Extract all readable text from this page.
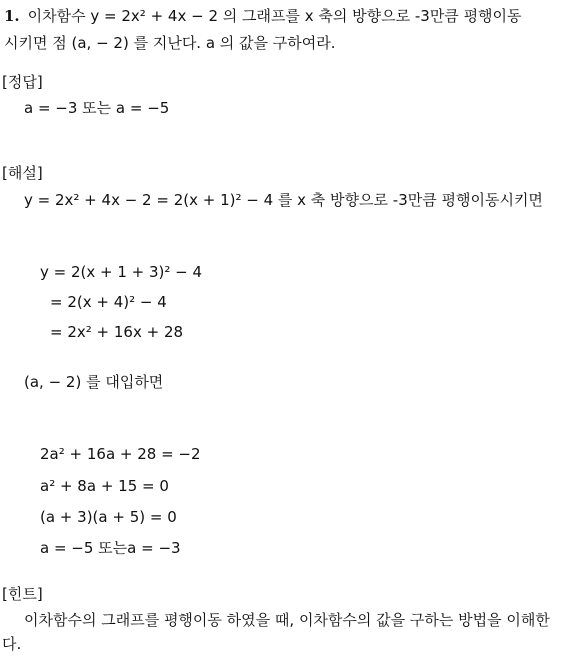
1. 이차함수 y = 2x² + 4x − 2 의 그래프를 x 축의 방향으로 -3만큼 평행이동
시키면 점 (a, − 2) 를 지난다. a 의 값을 구하여라.
[정답]
a = −3 또는 a = −5
[해설]
y = 2x² + 4x − 2 = 2(x + 1)² − 4 를 x 축 방향으로 -3만큼 평행이동시키면
y = 2(x + 1 + 3)² − 4
= 2(x + 4)² − 4
= 2x² + 16x + 28
(a, − 2) 를 대입하면
2a² + 16a + 28 = −2
a² + 8a + 15 = 0
(a + 3)(a + 5) = 0
a = −5 또는a = −3
[힌트]
이차함수의 그래프를 평행이동 하였을 때, 이차함수의 값을 구하는 방법을 이해한다.
